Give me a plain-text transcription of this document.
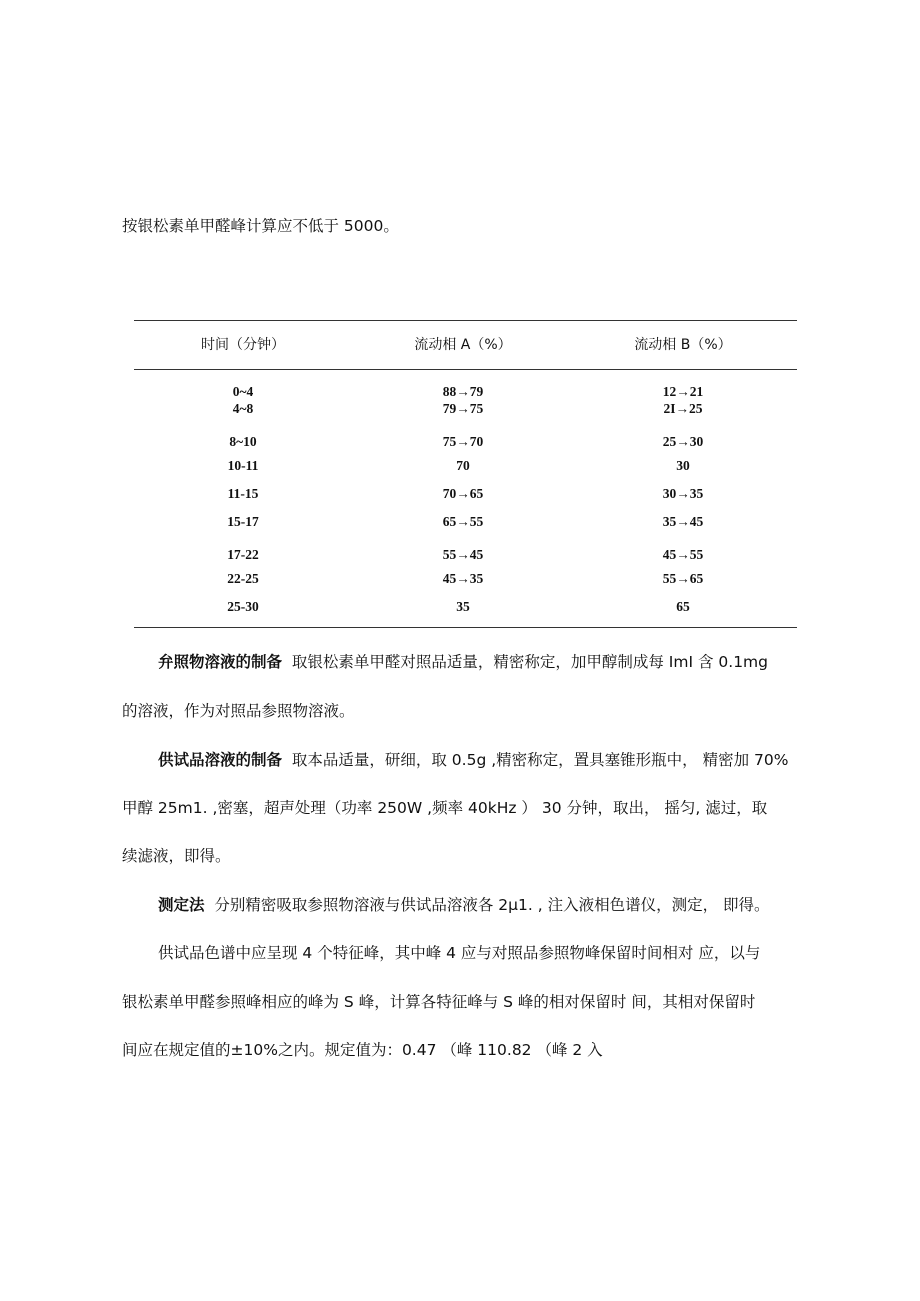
按银松素单甲醛峰计算应不低于 5000。

时间（分钟）	流动相 A（%）	流动相 B（%）
0~4	88→79	12→21
4~8	79→75	2I→25
8~10	75→70	25→30
10-11	70	30
11-15	70→65	30→35
15-17	65→55	35→45
17-22	55→45	45→55
22-25	45→35	55→65
25-30	35	65

弁照物溶液的制备 取银松素单甲醛对照品适量，精密称定，加甲醇制成每 ImI 含 0.1mg

的溶液，作为对照品参照物溶液。

供试品溶液的制备 取本品适量，研细，取 0.5g ,精密称定，置具塞锥形瓶中， 精密加 70%

甲醇 25m1. ,密塞，超声处理（功率 250W ,频率 40kHz ） 30 分钟，取出， 摇匀, 滤过，取

续滤液，即得。

测定法 分别精密吸取参照物溶液与供试品溶液各 2μ1. , 注入液相色谱仪，测定， 即得。

供试品色谱中应呈现 4 个特征峰，其中峰 4 应与对照品参照物峰保留时间相对 应，以与

银松素单甲醛参照峰相应的峰为 S 峰，计算各特征峰与 S 峰的相对保留时 间，其相对保留时

间应在规定值的±10%之内。规定值为：0.47 （峰 110.82 （峰 2 入
